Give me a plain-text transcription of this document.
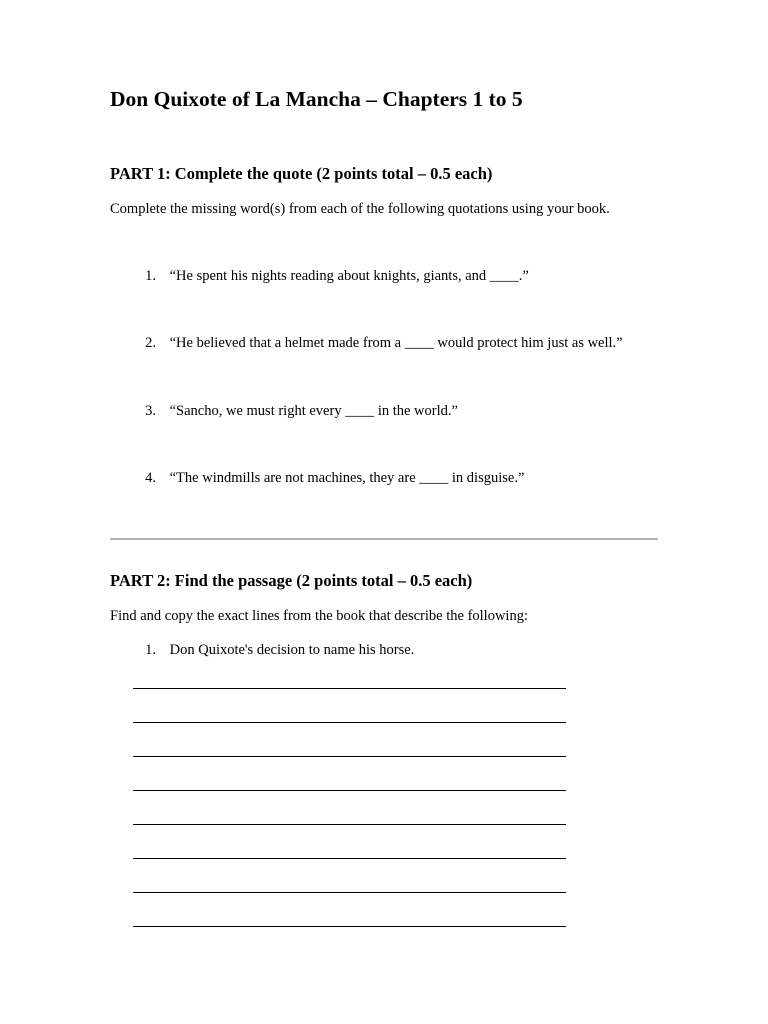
Don Quixote of La Mancha – Chapters 1 to 5
PART 1: Complete the quote (2 points total – 0.5 each)

Complete the missing word(s) from each of the following quotations using your book.

1. “He spent his nights reading about knights, giants, and ____.”
2. “He believed that a helmet made from a ____ would protect him just as well.”
3. “Sancho, we must right every ____ in the world.”
4. “The windmills are not machines, they are ____ in disguise.”
PART 2: Find the passage (2 points total – 0.5 each)

Find and copy the exact lines from the book that describe the following:

1. Don Quixote's decision to name his horse.
